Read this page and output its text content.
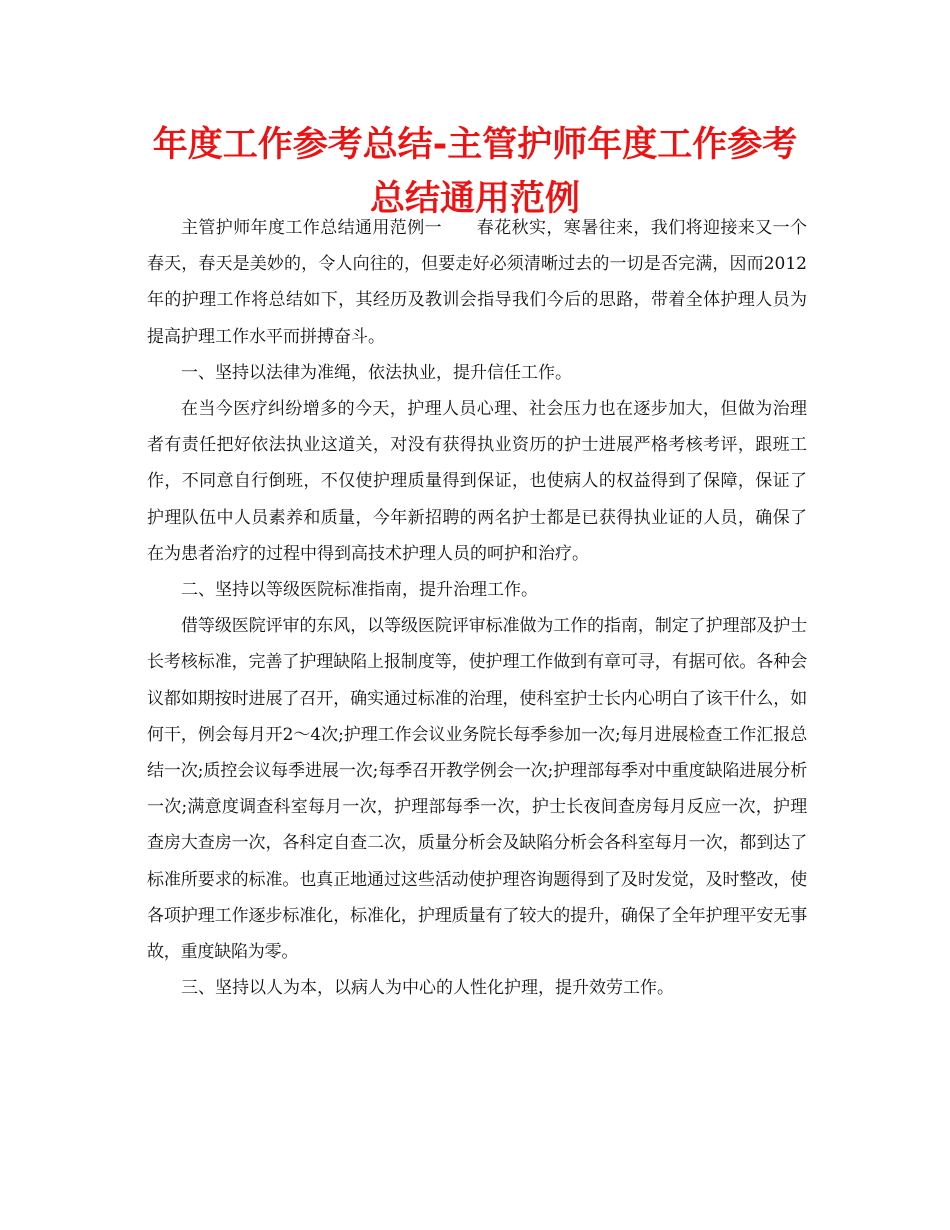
年度工作参考总结-主管护师年度工作参考总结通用范例

主管护师年度工作总结通用范例一　　春花秋实，寒暑往来，我们将迎接来又一个春天，春天是美妙的，令人向往的，但要走好必须清晰过去的一切是否完满，因而2012年的护理工作将总结如下，其经历及教训会指导我们今后的思路，带着全体护理人员为提高护理工作水平而拼搏奋斗。

一、坚持以法律为准绳，依法执业，提升信任工作。

在当今医疗纠纷增多的今天，护理人员心理、社会压力也在逐步加大，但做为治理者有责任把好依法执业这道关，对没有获得执业资历的护士进展严格考核考评，跟班工作，不同意自行倒班，不仅使护理质量得到保证，也使病人的权益得到了保障，保证了护理队伍中人员素养和质量，今年新招聘的两名护士都是已获得执业证的人员，确保了在为患者治疗的过程中得到高技术护理人员的呵护和治疗。

二、坚持以等级医院标准指南，提升治理工作。

借等级医院评审的东风，以等级医院评审标准做为工作的指南，制定了护理部及护士长考核标准，完善了护理缺陷上报制度等，使护理工作做到有章可寻，有据可依。各种会议都如期按时进展了召开，确实通过标准的治理，使科室护士长内心明白了该干什么，如何干，例会每月开2～4次;护理工作会议业务院长每季参加一次;每月进展检查工作汇报总结一次;质控会议每季进展一次;每季召开教学例会一次;护理部每季对中重度缺陷进展分析一次;满意度调查科室每月一次，护理部每季一次，护士长夜间查房每月反应一次，护理查房大查房一次，各科定自查二次，质量分析会及缺陷分析会各科室每月一次，都到达了标准所要求的标准。也真正地通过这些活动使护理咨询题得到了及时发觉，及时整改，使各项护理工作逐步标准化，标准化，护理质量有了较大的提升，确保了全年护理平安无事故，重度缺陷为零。

三、坚持以人为本，以病人为中心的人性化护理，提升效劳工作。
